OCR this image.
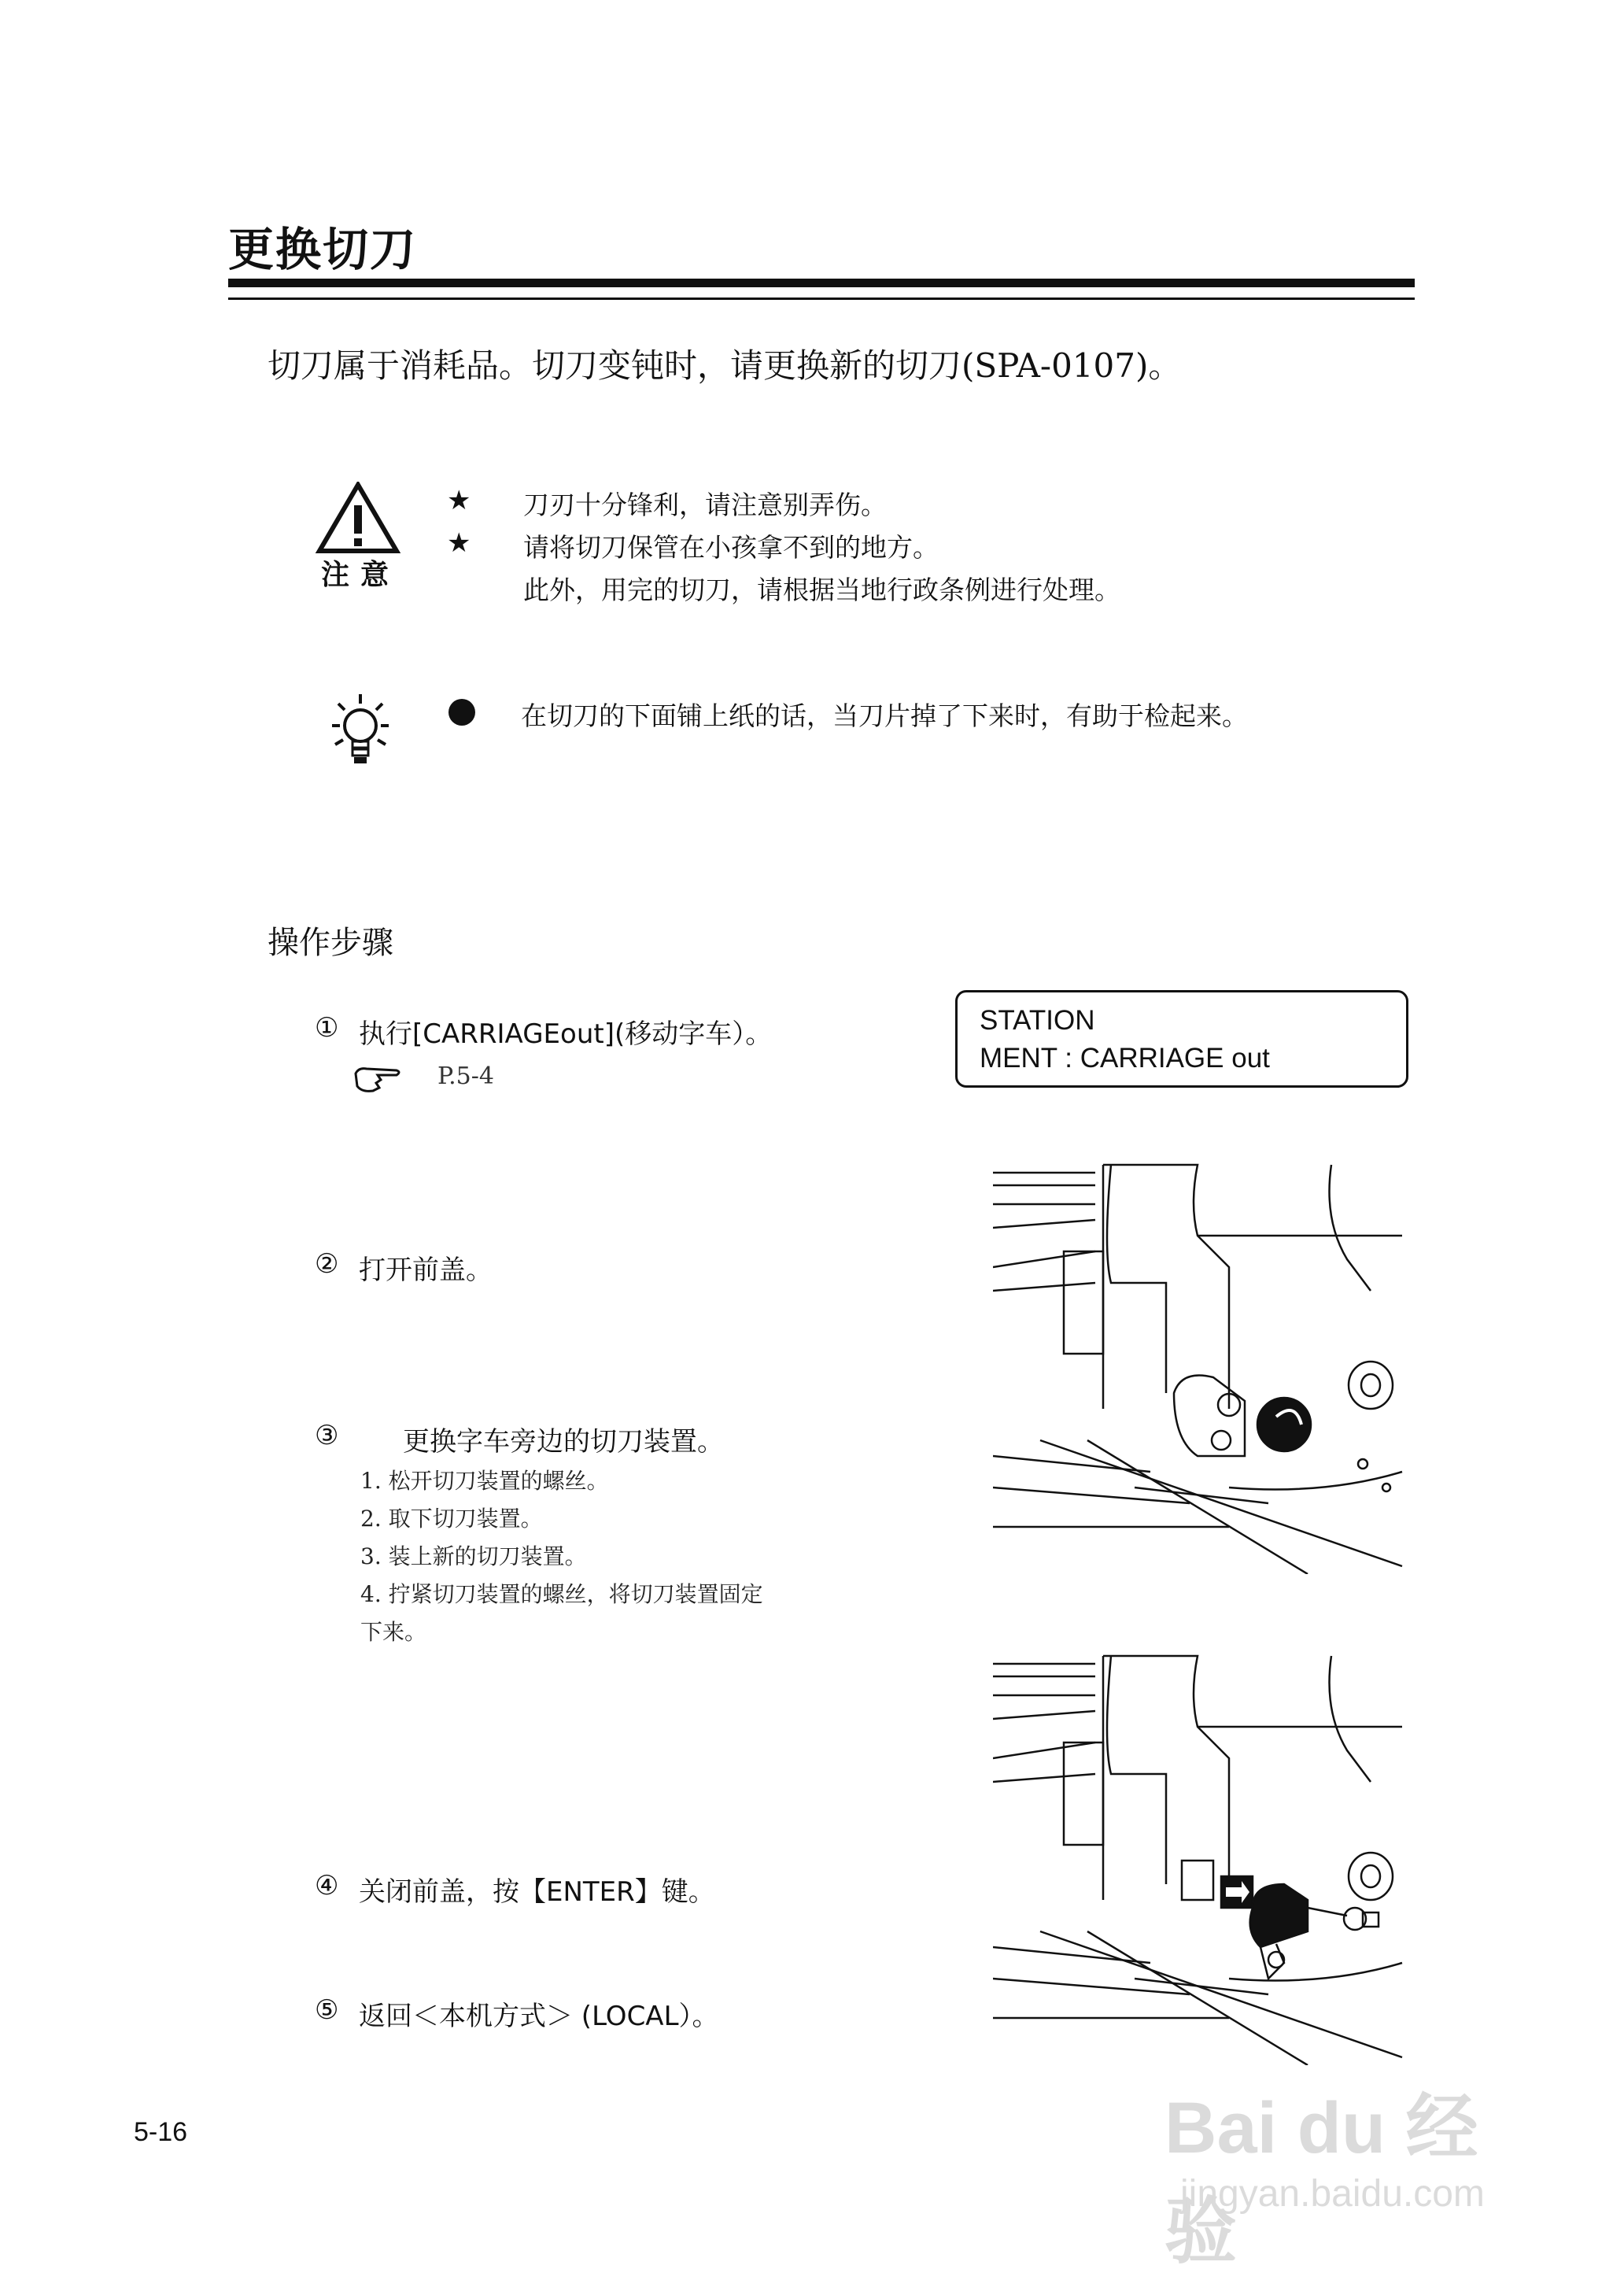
更换切刀
切刀属于消耗品。切刀变钝时，请更换新的切刀(SPA-0107)。
注意
★ 刀刃十分锋利，请注意别弄伤。
★ 请将切刀保管在小孩拿不到的地方。
此外，用完的切刀，请根据当地行政条例进行处理。
在切刀的下面铺上纸的话，当刀片掉了下来时，有助于检起来。
操作步骤
① 执行[CARRIAGEout](移动字车）。
P.5-4
STATION
MENT : CARRIAGE out
② 打开前盖。
③ 更换字车旁边的切刀装置。
1. 松开切刀装置的螺丝。
2. 取下切刀装置。
3. 装上新的切刀装置。
4. 拧紧切刀装置的螺丝，将切刀装置固定
下来。
④ 关闭前盖，按【ENTER】键。
⑤ 返回＜本机方式＞ (LOCAL）。
5-16	Bai du 经验
jingyan.baidu.com
